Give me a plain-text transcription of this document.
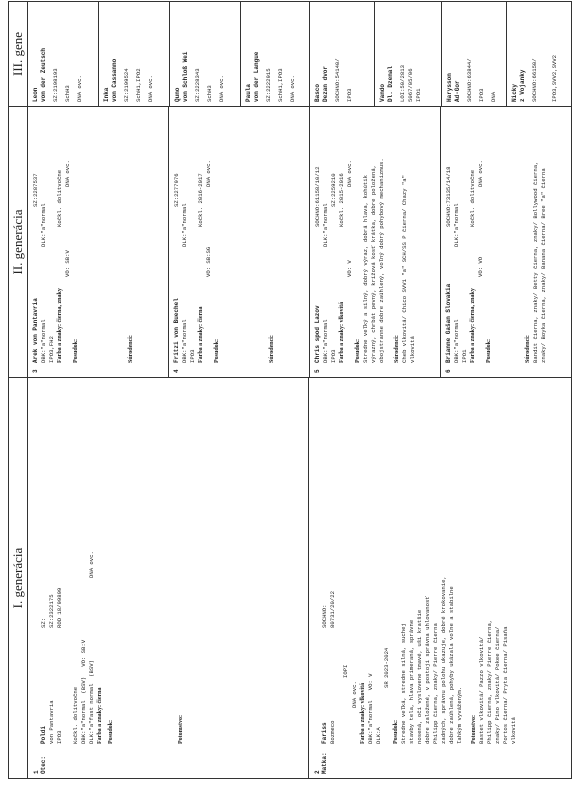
I. generácia
1 Otec:
Poldi von Pantavria IPO3
SZ: SZ:2322175 ROD 18/99899
Kočkl. dolitvočne DBK:"a"normal  (BSV)   VO: SB:V DLK:"a"fast normal  (BSV) Farba a znaky: čierna
DNA ovc.
Posudok:	Potomstvo:
2 Matka:
Fariss Bozmeco
SOCHNO: 80731/20/22
IOPI
DNA ovc. Farba a znaky: vlkovitá DBK:"a"normal   VO: V DLK:A
SR 2023-2024
Posudok: Stredne veľká, stredne silná, suchej stavby tela, hlava primeraná, správne nosená, oči vyslovene tmavé, uši kratšie dobre založené, v postoji správna uhlovanosť Philipp čierna, znaky/ Pierre čierna zadných, správnu polohu ukazuje, dobré krokovanie, dobre zaúhlená, pohyby ukázala voľne a stabilne ľahkým vyváženým. Potomstvo: Bastet vlkovitá/ Pazzo vlkovitá/ Philipp čierna, znaky/ Pierre čierna, znaky/ Pino vlkovitá/ Pokee čierna/ Portos čierna/ Pryta čierna/ Pisaňa vlkovitá
II. generácia
3
Arek von Pantavria
SZ:2287537
DBK:"a"normal
DLK:"a"normal
IPO3,FH2 Farba a znaky: čierna, znaky
Kočkl. dolitvočne
VO: SB:V
DNA ovc.
Posudok:	Súrodenci:
4
Fritzi von Buechel
SZ:2277976
DBK:"a"normal
DLK:"a"normal
IPO3 Farba a znaky: čierna
Kočkl. 2016-2017
VO: SB:SG
DNA ovc.
Posudok:	Súrodenci:
5
Chris spod Lazov
SOCHNO:61158/10/12
DBK:"a"normal
DLK:"a"normal
IPO3
SZ:2259210
Farba a znaky: vlkovitá
Kočkl. 2015-2016
VO: V
DNA ovc.
Posudok: Stredne veľký a silný, dobrý výraz, dobrá hlava, kohútik výrazný, chrbát pevný, krížová kosť krátka, dobre položená, obojstranne dobre zaúhlený, voľný dobrý pohybový mechanizmus. Súrodenci: Cheb vlkovitá/ Chico SVV1 "a" SCH/SS P čierna/ Chazy "a" vlkovitá
6
Brianne Gašan Slovakia
SOCHNO:73135/14/18
DBK:"a"normal
DLK:"a"normal
IPO1 Farba a znaky: čierna, znaky
Kočkl. dolitvočne
VO: VO
DNA ovc.
Posudok:	Súrodenci: Bandit čierna, znaky/ Betty čierna, znaky/ Bollywood čierna, znaky/ Boyka čierna, znaky/ Banana čierna/ Bree "a" čierna
III. gene
Leon von der Zeutsch SZ:2198193 SchH3 DNA ovc.	Inka von Cassanno SZ:2199524 SchH1,IPO2 DNA ovc.	Quno von Schloß Wei SZ:2228343 SchH3 DNA ovc.	Paula von der Langue SZ:2222915 SchH1,IPO3 DNA ovc.	Basco Dezan dvor SOCHNO:54140/ IPO3	Vando Dl. Dzenal LOI:50/2813 5067/05/06 IPO1	Harysson Ad-Gor SOCHNO:63844/ IPO3 DNA Nicky z Vojanky SOCHNO:66150/ IPO3,SVV2,SVV2
